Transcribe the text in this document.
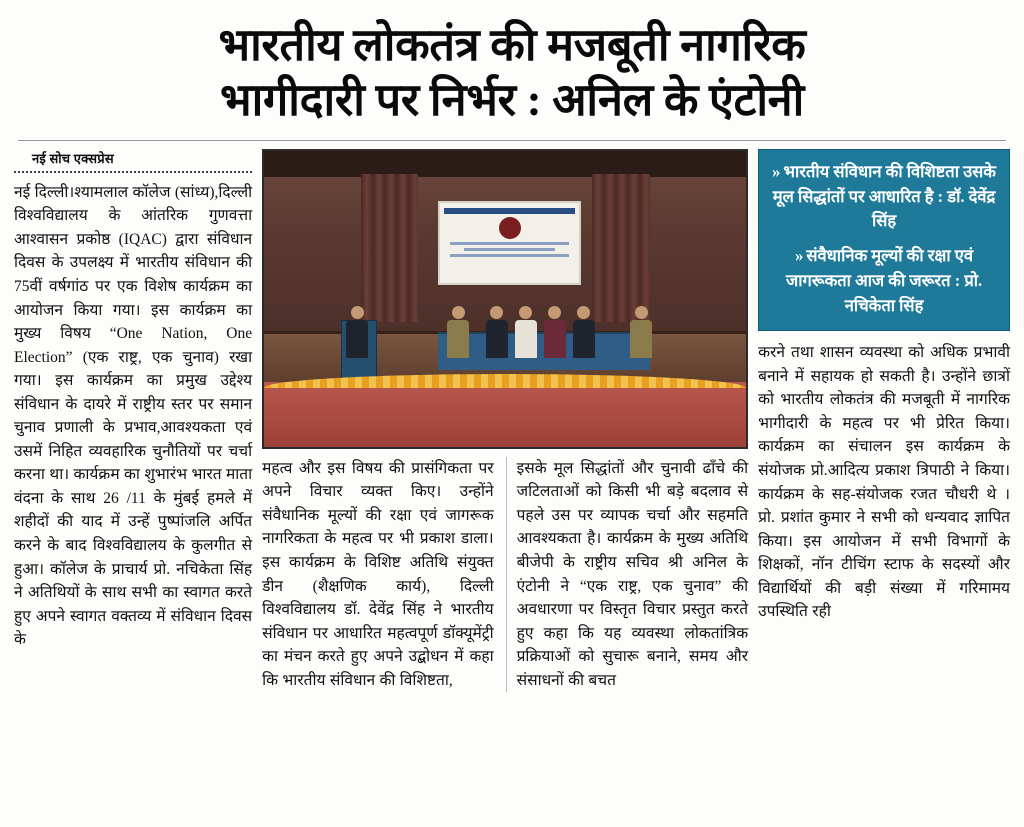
भारतीय लोकतंत्र की मजबूती नागरिक
भागीदारी पर निर्भर : अनिल के एंटोनी
नई सोच एक्सप्रेस

नई दिल्ली।श्यामलाल कॉलेज (सांध्य),दिल्ली विश्वविद्यालय के आंतरिक गुणवत्ता आश्वासन प्रकोष्ठ (IQAC) द्वारा संविधान दिवस के उपलक्ष्य में भारतीय संविधान की 75वीं वर्षगांठ पर एक विशेष कार्यक्रम का आयोजन किया गया। इस कार्यक्रम का मुख्य विषय “One Nation, One Election” (एक राष्ट्र, एक चुनाव) रखा गया। इस कार्यक्रम का प्रमुख उद्देश्य संविधान के दायरे में राष्ट्रीय स्तर पर समान चुनाव प्रणाली के प्रभाव,आवश्यकता एवं उसमें निहित व्यवहारिक चुनौतियों पर चर्चा करना था। कार्यक्रम का शुभारंभ भारत माता वंदना के साथ 26 /11 के मुंबई हमले में शहीदों की याद में उन्हें पुष्पांजलि अर्पित करने के बाद विश्वविद्यालय के कुलगीत से हुआ। कॉलेज के प्राचार्य प्रो. नचिकेता सिंह ने अतिथियों के साथ सभी का स्वागत करते हुए अपने स्वागत वक्तव्य में संविधान दिवस के

महत्व और इस विषय की प्रासंगिकता पर अपने विचार व्यक्त किए। उन्होंने संवैधानिक मूल्यों की रक्षा एवं जागरूक नागरिकता के महत्व पर भी प्रकाश डाला। इस कार्यक्रम के विशिष्ट अतिथि संयुक्त डीन (शैक्षणिक कार्य), दिल्ली विश्वविद्यालय डॉ. देवेंद्र सिंह ने भारतीय संविधान पर आधारित महत्वपूर्ण डॉक्यूमेंट्री का मंचन करते हुए अपने उद्बोधन में कहा कि भारतीय संविधान की विशिष्टता,

इसके मूल सिद्धांतों और चुनावी ढाँचे की जटिलताओं को किसी भी बड़े बदलाव से पहले उस पर व्यापक चर्चा और सहमति आवश्यकता है। कार्यक्रम के मुख्य अतिथि बीजेपी के राष्ट्रीय सचिव श्री अनिल के एंटोनी ने “एक राष्ट्र, एक चुनाव” की अवधारणा पर विस्तृत विचार प्रस्तुत करते हुए कहा कि यह व्यवस्था लोकतांत्रिक प्रक्रियाओं को सुचारू बनाने, समय और संसाधनों की बचत

» भारतीय संविधान की विशिष्टता उसके मूल सिद्धांतों पर आधारित है : डॉ. देवेंद्र सिंह

» संवैधानिक मूल्यों की रक्षा एवं जागरूकता आज की जरूरत : प्रो. नचिकेता सिंह

करने तथा शासन व्यवस्था को अधिक प्रभावी बनाने में सहायक हो सकती है। उन्होंने छात्रों को भारतीय लोकतंत्र की मजबूती में नागरिक भागीदारी के महत्व पर भी प्रेरित किया। कार्यक्रम का संचालन इस कार्यक्रम के संयोजक प्रो.आदित्य प्रकाश त्रिपाठी ने किया। कार्यक्रम के सह-संयोजक रजत चौधरी थे । प्रो. प्रशांत कुमार ने सभी को धन्यवाद ज्ञापित किया। इस आयोजन में सभी विभागों के शिक्षकों, नॉन टीचिंग स्टाफ के सदस्यों और विद्यार्थियों की बड़ी संख्या में गरिमामय उपस्थिति रही
